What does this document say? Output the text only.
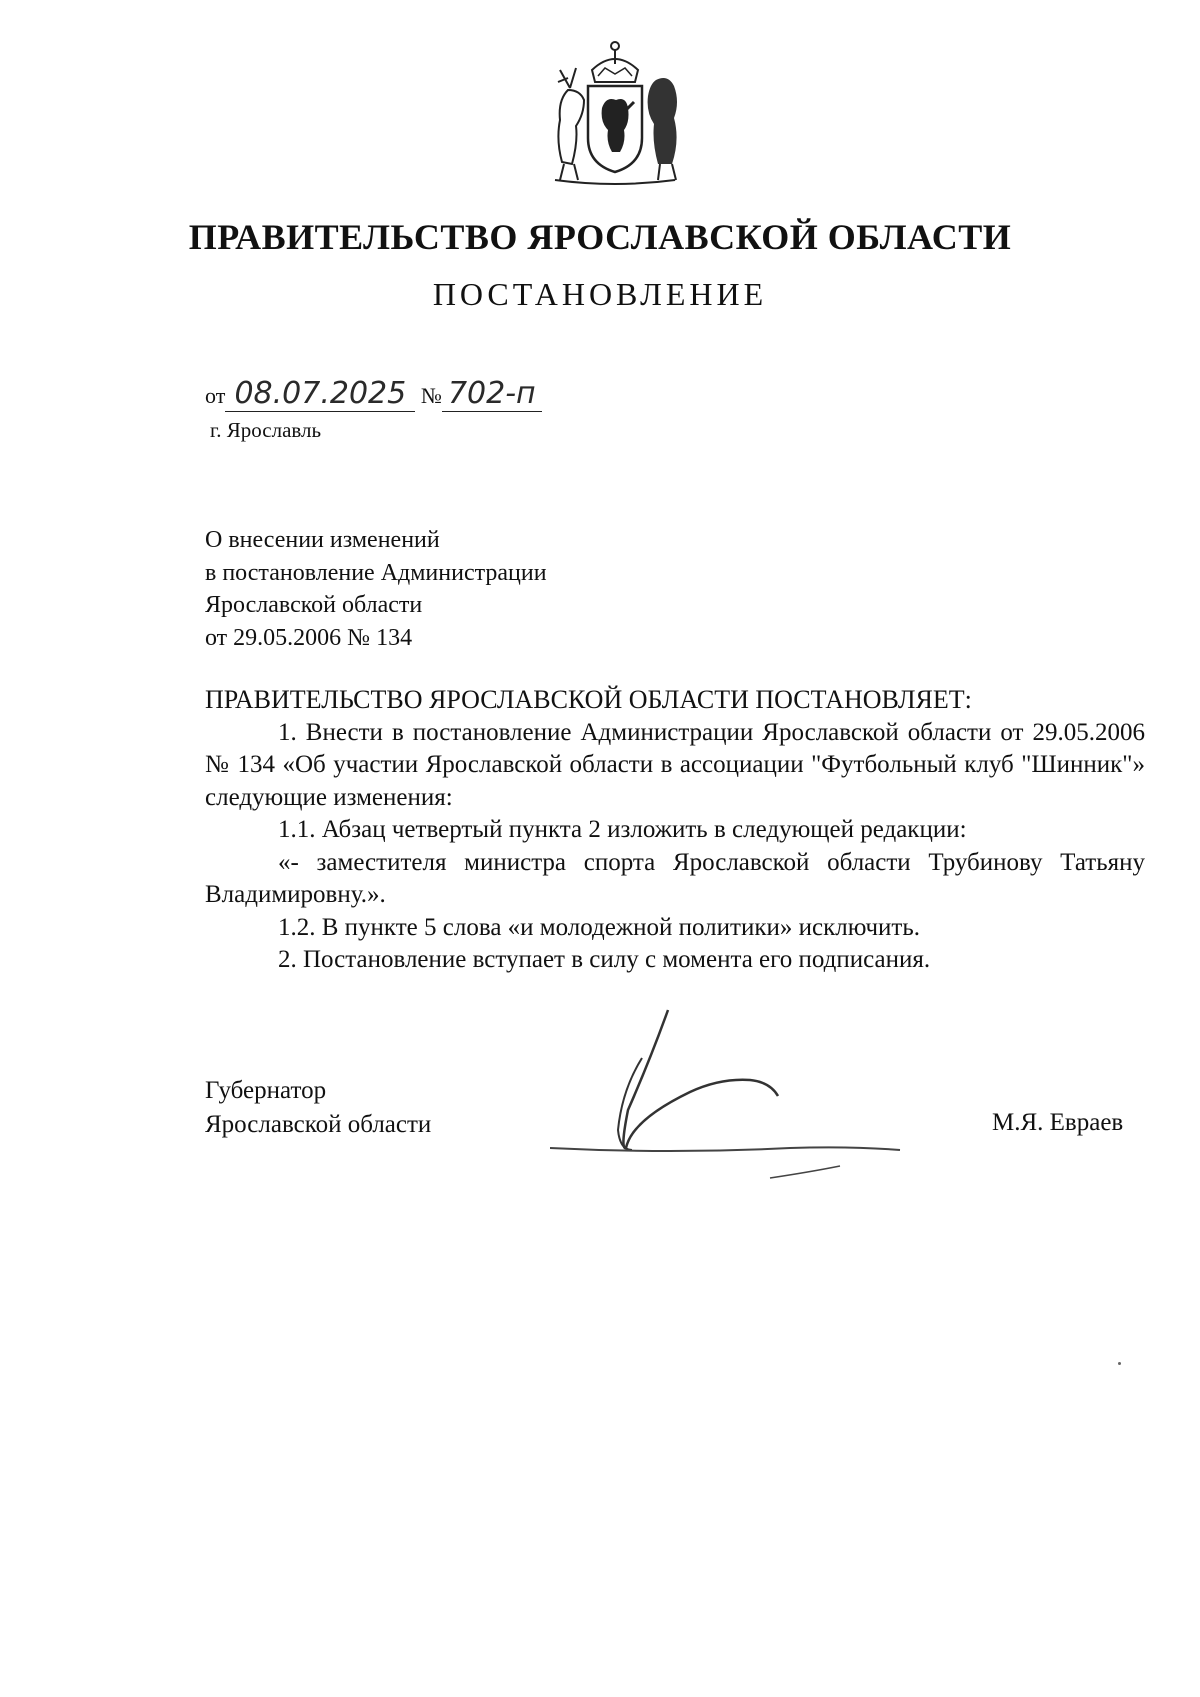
ПРАВИТЕЛЬСТВО ЯРОСЛАВСКОЙ ОБЛАСТИ
ПОСТАНОВЛЕНИЕ
от 08.07.2025 № 702-п
г. Ярославль
О внесении изменений
в постановление Администрации
Ярославской области
от 29.05.2006 № 134

ПРАВИТЕЛЬСТВО ЯРОСЛАВСКОЙ ОБЛАСТИ ПОСТАНОВЛЯЕТ:

1. Внести в постановление Администрации Ярославской области от 29.05.2006 № 134 «Об участии Ярославской области в ассоциации "Футбольный клуб "Шинник"» следующие изменения:

1.1. Абзац четвертый пункта 2 изложить в следующей редакции:

«- заместителя министра спорта Ярославской области Трубинову Татьяну Владимировну.».

1.2. В пункте 5 слова «и молодежной политики» исключить.

2. Постановление вступает в силу с момента его подписания.

Губернатор
Ярославской области	М.Я. Евраев
